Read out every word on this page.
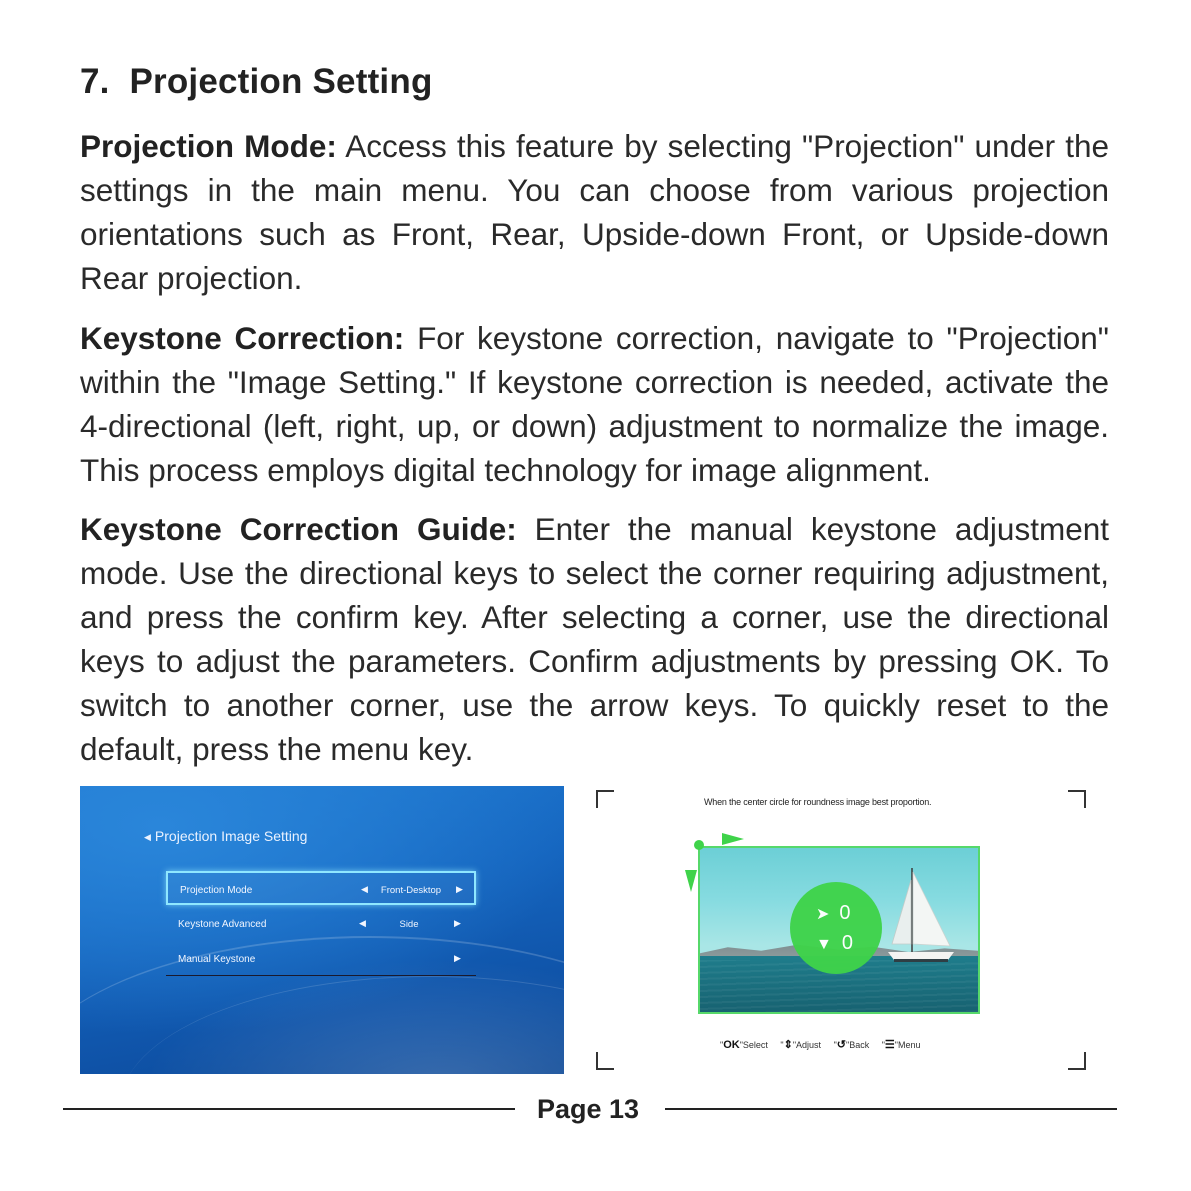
7. Projection Setting

Projection Mode: Access this feature by selecting "Projection" under the settings in the main menu. You can choose from various projection orientations such as Front, Rear, Upside-down Front, or Upside-down Rear projection.

Keystone Correction: For keystone correction, navigate to "Projection" within the "Image Setting." If keystone correction is needed, activate the 4-directional (left, right, up, or down) adjustment to normalize the image. This process employs digital technology for image alignment.

Keystone Correction Guide: Enter the manual keystone adjustment mode. Use the directional keys to select the corner requiring adjustment, and press the confirm key. After selecting a corner, use the directional keys to adjust the parameters. Confirm adjustments by pressing OK. To switch to another corner, use the arrow keys. To quickly reset to the default, press the menu key.

◀ Projection Image Setting
Projection Mode	◀	Front-Desktop	▶
Keystone Advanced	◀	Side	▶
Manual Keystone	▶
When the center circle for roundness image best proportion.
➤ 0
▼ 0
"OK"Select "⇕"Adjust "↺"Back "☰"Menu
Page 13
